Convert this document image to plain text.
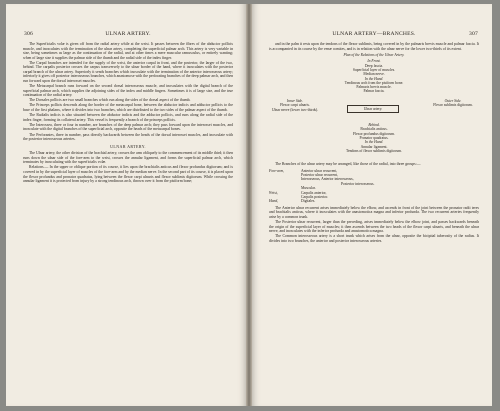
306	ULNAR ARTERY.

The Superficialis volæ is given off from the radial artery while at the wrist. It passes between the fibres of the abductor pollicis muscle, and inosculates with the termination of the ulnar artery, completing the superficial palmar arch. This artery is very variable in size, being sometimes as large as the continuation of the radial, and at other times a mere muscular ramusculus, or entirely wanting; when of large size it supplies the palmar side of the thumb and the radial side of the index finger.

The Carpal branches are intended for the supply of the wrist, the anterior carpal in front, and the posterior, the larger of the two, behind. The carpalis posterior crosses the carpus transversely to the ulnar border of the hand, where it inosculates with the posterior carpal branch of the ulnar artery. Superiorly it sends branches which inosculate with the termination of the anterior interosseous artery; inferiorly it gives off posterior interosseous branches, which anastomose with the perforating branches of the deep palmar arch, and then run forward upon the dorsal interossei muscles.

The Metacarpal branch runs forward on the second dorsal interosseous muscle, and inosculates with the digital branch of the superficial palmar arch, which supplies the adjoining sides of the index and middle fingers. Sometimes it is of large size, and the true continuation of the radial artery.

The Dorsales pollicis are two small branches which run along the sides of the dorsal aspect of the thumb.

The Princeps pollicis descends along the border of the metacarpal bone, between the abductor indicis and adductor pollicis to the base of the first phalanx, where it divides into two branches, which are distributed to the two sides of the palmar aspect of the thumb.

The Radialis indicis is also situated between the abductor indicis and the adductor pollicis, and runs along the radial side of the index finger, forming its collateral artery. This vessel is frequently a branch of the princeps pollicis.

The Interossea, three or four in number, are branches of the deep palmar arch; they pass forward upon the interossei muscles, and inosculate with the digital branches of the superficial arch, opposite the heads of the metacarpal bones.

The Perforantes, three in number, pass directly backwards between the heads of the dorsal interossei muscles, and inosculate with the posterior interosseous arteries.

ULNAR ARTERY.

The Ulnar artery, the other division of the brachial artery, crosses the arm obliquely to the commencement of its middle third; it then runs down the ulnar side of the fore-arm to the wrist, crosses the annular ligament, and forms the superficial palmar arch, which terminates by inosculating with the superficialis volæ.

Relations.— In the upper or oblique portion of its course, it lies upon the brachialis anticus and flexor profundus digitorum; and is covered in by the superficial layer of muscles of the fore-arm and by the median nerve. In the second part of its course, it is placed upon the flexor profundus and pronator quadratus, lying between the flexor carpi ulnaris and flexor sublimis digitorum. While crossing the annular ligament it is protected from injury by a strong tendinous arch, thrown over it from the pisiform bone;

ULNAR ARTERY—BRANCHES.	307

and in the palm it rests upon the tendons of the flexor sublimis, being covered in by the palmaris brevis muscle and palmar fascia. It is accompanied in its course by the venæ comites, and is in relation with the ulnar nerve for the lower two-thirds of its extent.

Plan of the Relations of the Ulnar Artery.
In Front.
Deep fascia.
Superficial layer of muscles.
Median nerve.
In the Hand.
Tendinous arch from the pisiform bone.
Palmaris brevis muscle.
Palmar fascia.
Inner Side.
Flexor carpi ulnaris.
Ulnar nerve (lower two-thirds).	Ulnar artery.
Outer Side.
Flexor sublimis digitorum.
Behind.
Brachialis anticus.
Flexor profundus digitorum.
Pronator quadratus.
In the Hand.
Annular ligament.
Tendons of flexor sublimis digitorum.

The Branches of the ulnar artery may be arranged, like those of the radial, into three groups:—

Fore-arm,	Anterior ulnar recurrent,
Posterior ulnar recurrent,
Interosseous, Anterior interosseous,
Posterior interosseous.
Muscular.
Wrist,	Carpalis anterior,
Carpalis posterior.
Hand,	Digitales.

The Anterior ulnar recurrent arises immediately below the elbow, and ascends in front of the joint between the pronator radii teres and brachialis anticus, where it inosculates with the anastomotica magna and inferior profunda. The two recurrent arteries frequently arise by a common trunk.

The Posterior ulnar recurrent, larger than the preceding, arises immediately below the elbow joint, and passes backwards beneath the origin of the superficial layer of muscles; it then ascends between the two heads of the flexor carpi ulnaris, and beneath the ulnar nerve, and inosculates with the inferior profunda and anastomotica magna.

The Common interosseous artery is a short trunk which arises from the ulnar, opposite the bicipital tuberosity of the radius. It divides into two branches, the anterior and posterior interosseous arteries.
